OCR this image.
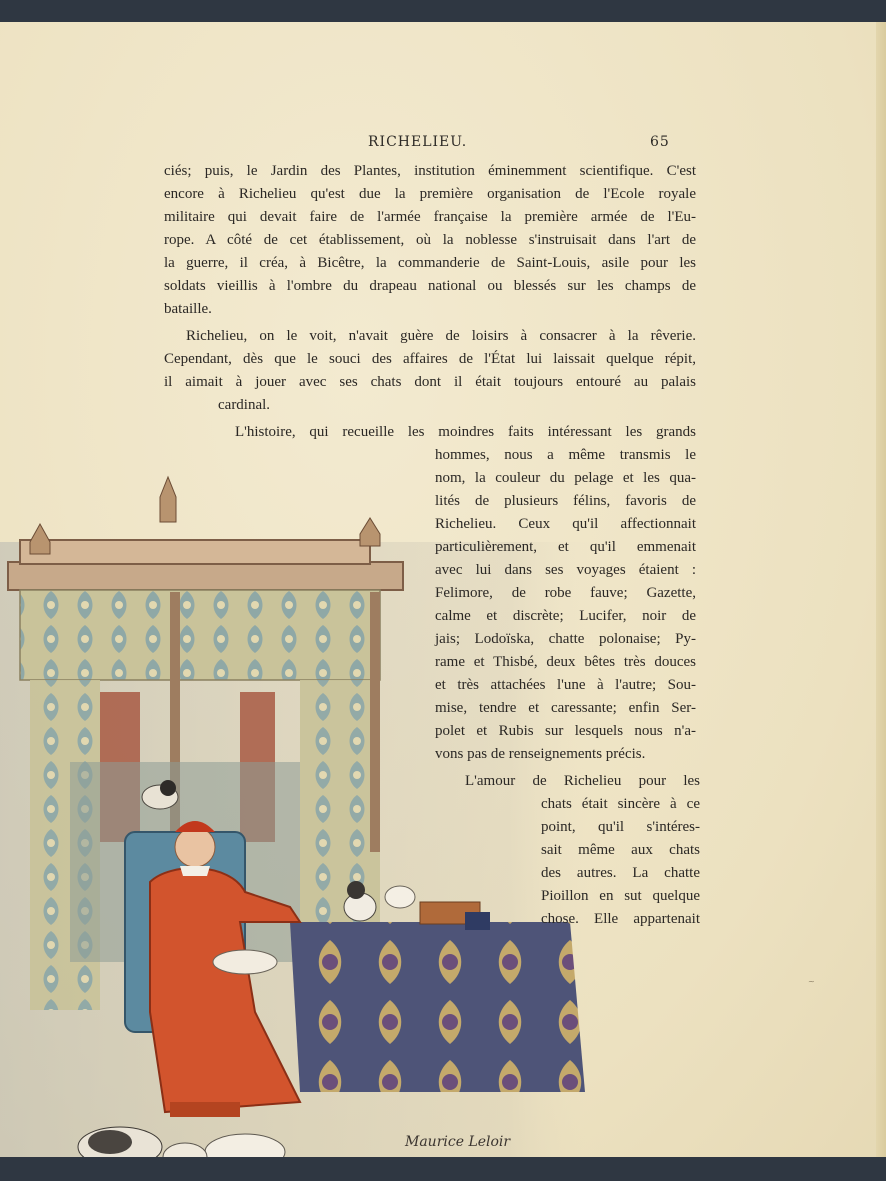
RICHELIEU.	65
Maurice Leloir
~
ciés; puis, le Jardin des Plantes, institution éminemment scientifique. C'est
encore à Richelieu qu'est due la première organisation de l'Ecole royale
militaire qui devait faire de l'armée française la première armée de l'Eu-
rope. A côté de cet établissement, où la noblesse s'instruisait dans l'art de
la guerre, il créa, à Bicêtre, la commanderie de Saint-Louis, asile pour les
soldats vieillis à l'ombre du drapeau national ou blessés sur les champs de
bataille.
Richelieu, on le voit, n'avait guère de loisirs à consacrer à la rêverie.
Cependant, dès que le souci des affaires de l'État lui laissait quelque répit,
il aimait à jouer avec ses chats dont il était toujours entouré au palais
cardinal.
L'histoire, qui recueille les moindres faits intéressant les grands
hommes, nous a même transmis le
nom, la couleur du pelage et les qua-
lités de plusieurs félins, favoris de
Richelieu. Ceux qu'il affectionnait
particulièrement, et qu'il emmenait
avec lui dans ses voyages étaient :
Felimore, de robe fauve; Gazette,
calme et discrète; Lucifer, noir de
jais; Lodoïska, chatte polonaise; Py-
rame et Thisbé, deux bêtes très douces
et très attachées l'une à l'autre; Sou-
mise, tendre et caressante; enfin Ser-
polet et Rubis sur lesquels nous n'a-
vons pas de renseignements précis.
L'amour de Richelieu pour les
chats était sincère à ce
point, qu'il s'intéres-
sait même aux chats
des autres. La chatte
Pioillon en sut quelque
chose. Elle appartenait
